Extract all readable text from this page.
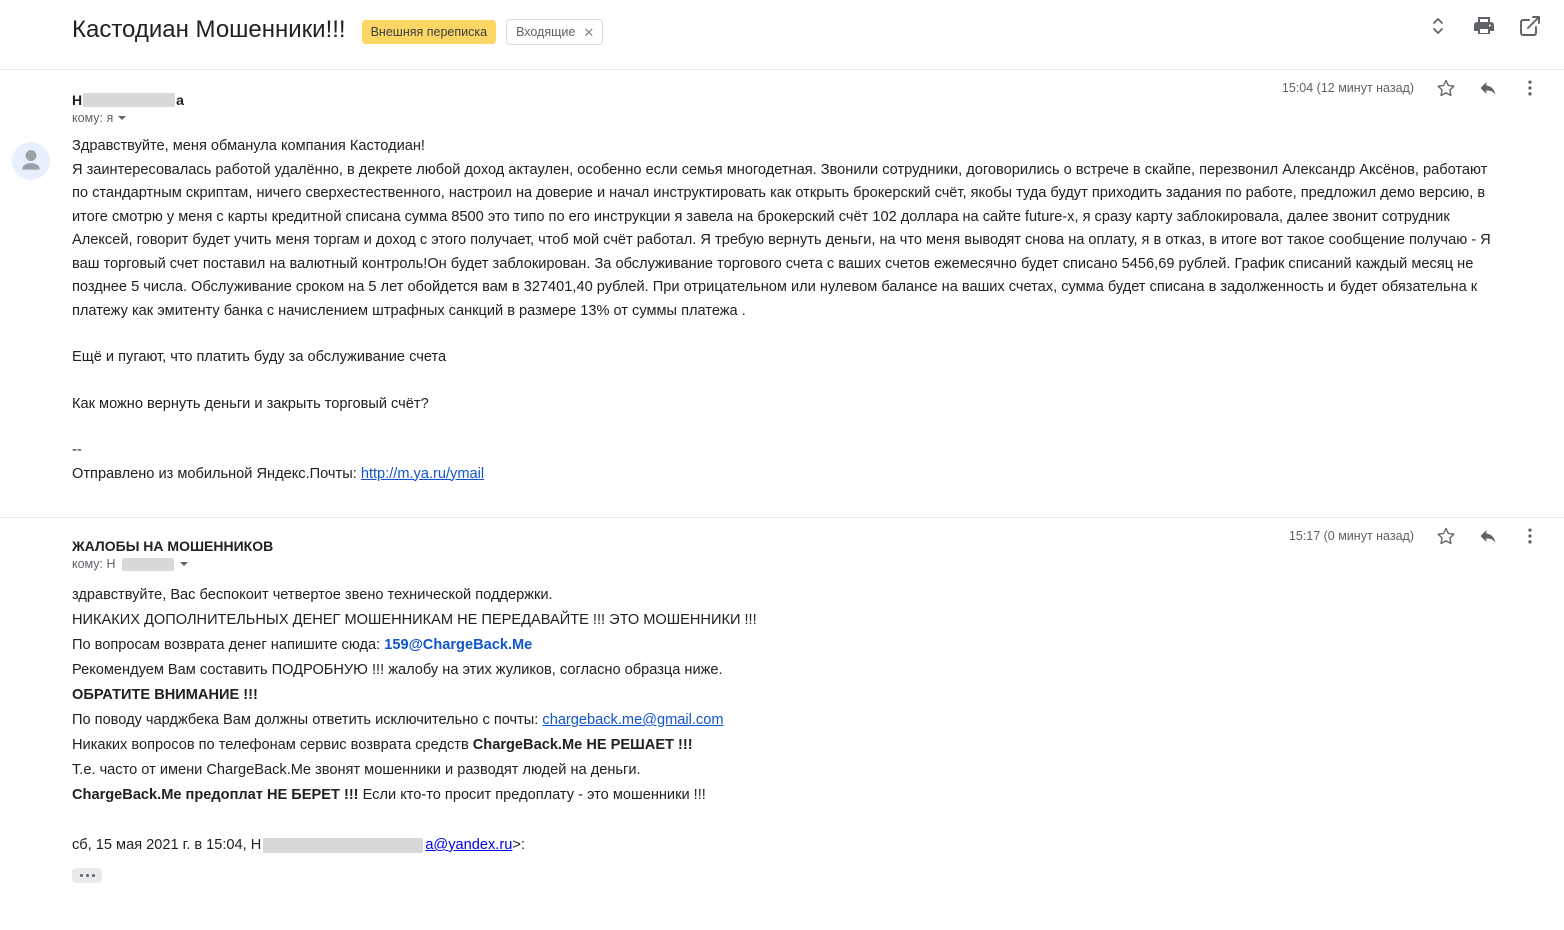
Кастодиан Мошенники!!!	Внешняя переписка	Входящие ✕
Н	а
кому: я
15:04 (12 минут назад)
Здравствуйте, меня обманула компания Кастодиан!
Я заинтересовалась работой удалённо, в декрете любой доход актаулен, особенно если семья многодетная. Звонили сотрудники, договорились о встрече в скайпе, перезвонил Александр Аксёнов, работают по стандартным скриптам, ничего сверхестественного, настроил на доверие и начал инструктировать как открыть брокерский счёт, якобы туда будут приходить задания по работе, предложил демо версию, в итоге смотрю у меня с карты кредитной списана сумма 8500 это типо по его инструкции я завела на брокерский счёт 102 доллара на сайте future-x, я сразу карту заблокировала, далее звонит сотрудник Алексей, говорит будет учить меня торгам и доход с этого получает, чтоб мой счёт работал. Я требую вернуть деньги, на что меня выводят снова на оплату, я в отказ, в итоге вот такое сообщение получаю - Я ваш торговый счет поставил на валютный контроль!Он будет заблокирован. За обслуживание торгового счета с ваших счетов ежемесячно будет списано 5456,69 рублей. График списаний каждый месяц не позднее 5 числа. Обслуживание сроком на 5 лет обойдется вам в 327401,40 рублей. При отрицательном или нулевом балансе на ваших счетах, сумма будет списана в задолженность и будет обязательна к платежу как эмитенту банка с начислением штрафных санкций в размере 13% от суммы платежа .
Ещё и пугают, что платить буду за обслуживание счета
Как можно вернуть деньги и закрыть торговый счёт?
--
Отправлено из мобильной Яндекс.Почты: http://m.ya.ru/ymail
ЖАЛОБЫ НА МОШЕННИКОВ
кому: Н
15:17 (0 минут назад)
здравствуйте, Вас беспокоит четвертое звено технической поддержки.
НИКАКИХ ДОПОЛНИТЕЛЬНЫХ ДЕНЕГ МОШЕННИКАМ НЕ ПЕРЕДАВАЙТЕ !!! ЭТО МОШЕННИКИ !!!
По вопросам возврата денег напишите сюда: 159@ChargeBack.Me
Рекомендуем Вам составить ПОДРОБНУЮ !!! жалобу на этих жуликов, согласно образца ниже.
ОБРАТИТЕ ВНИМАНИЕ !!!
По поводу чарджбека Вам должны ответить исключительно с почты: chargeback.me@gmail.com
Никаких вопросов по телефонам сервис возврата средств ChargeBack.Me НЕ РЕШАЕТ !!!
Т.е. часто от имени ChargeBack.Me звонят мошенники и разводят людей на деньги.
ChargeBack.Me предоплат НЕ БЕРЕТ !!! Если кто-то просит предоплату - это мошенники !!!
сб, 15 мая 2021 г. в 15:04, Н	a@yandex.ru >:
